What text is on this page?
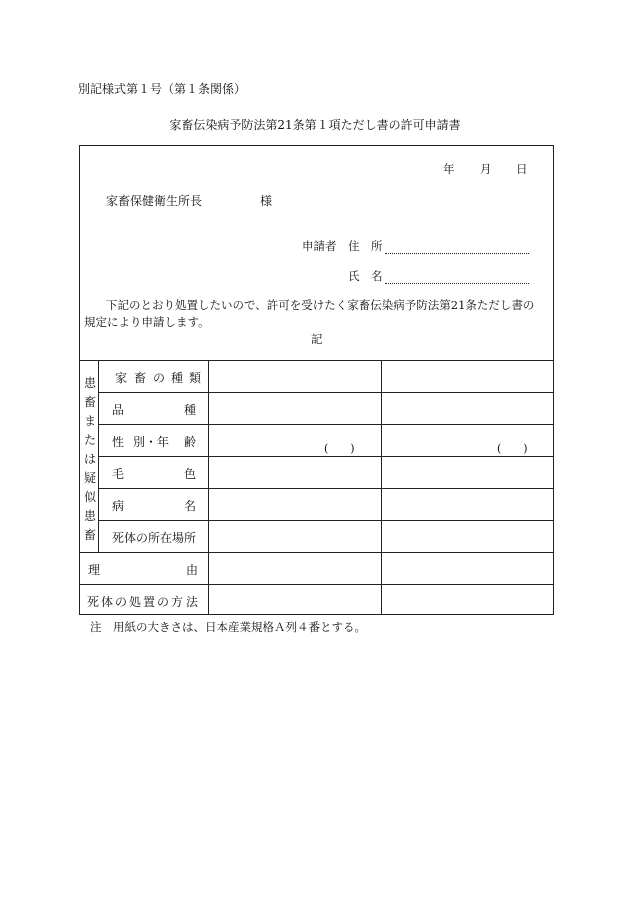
別記様式第１号（第１条関係）
家畜伝染病予防法第21条第１項ただし書の許可申請書
年 月 日
家畜保健衛生所長	様
申請者 住　所
氏　名
下記のとおり処置したいので、許可を受けたく家畜伝染病予防法第21条ただし書の
規定により申請します。
記
患
畜
ま
た
は
疑
似
患
畜
家 畜 の 種 類
品	種
性 別・年 齢	(　　)	(　　)
毛	色
病	名
死体の所在場所
理	由
死 体 の 処 置 の 方 法
注 用紙の大きさは、日本産業規格Ａ列４番とする。
